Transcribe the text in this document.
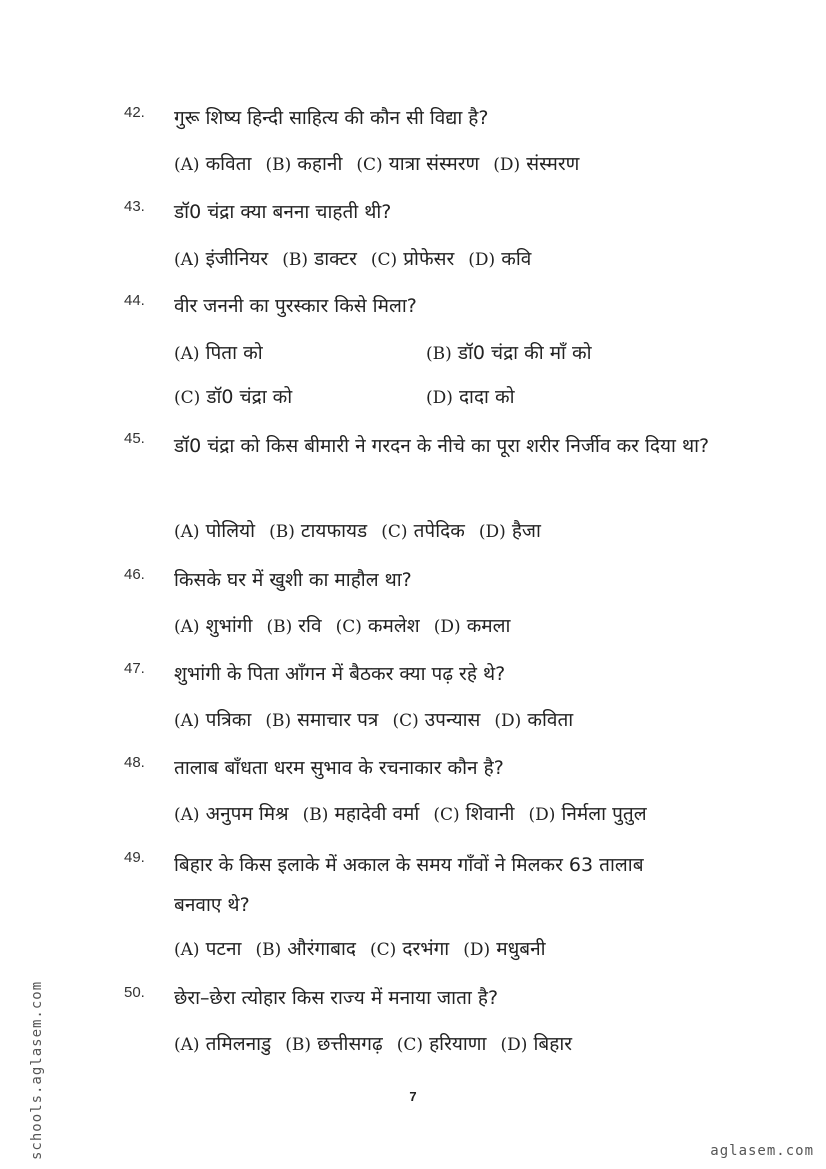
42. गुरू शिष्य हिन्दी साहित्य की कौन सी विद्या है?
(A) कविता (B) कहानी (C) यात्रा संस्मरण (D) संस्मरण
43. डॉ0 चंद्रा क्या बनना चाहती थी?
(A) इंजीनियर (B) डाक्टर (C) प्रोफेसर (D) कवि
44. वीर जननी का पुरस्कार किसे मिला?
(A) पिता को	(B) डॉ0 चंद्रा की माँ को
(C) डॉ0 चंद्रा को	(D) दादा को
45. डॉ0 चंद्रा को किस बीमारी ने गरदन के नीचे का पूरा शरीर निर्जीव कर दिया था?
(A) पोलियो (B) टायफायड (C) तपेदिक (D) हैजा
46. किसके घर में खुशी का माहौल था?
(A) शुभांगी (B) रवि (C) कमलेश (D) कमला
47. शुभांगी के पिता आँगन में बैठकर क्या पढ़ रहे थे?
(A) पत्रिका (B) समाचार पत्र (C) उपन्यास (D) कविता
48. तालाब बाँधता धरम सुभाव के रचनाकार कौन है?
(A) अनुपम मिश्र (B) महादेवी वर्मा (C) शिवानी (D) निर्मला पुतुल
49. बिहार के किस इलाके में अकाल के समय गाँवों ने मिलकर 63 तालाब बनवाए थे?
(A) पटना (B) औरंगाबाद (C) दरभंगा (D) मधुबनी
50. छेरा–छेरा त्योहार किस राज्य में मनाया जाता है?
(A) तमिलनाडु (B) छत्तीसगढ़ (C) हरियाणा (D) बिहार
7
schools.aglasem.com	aglasem.com
